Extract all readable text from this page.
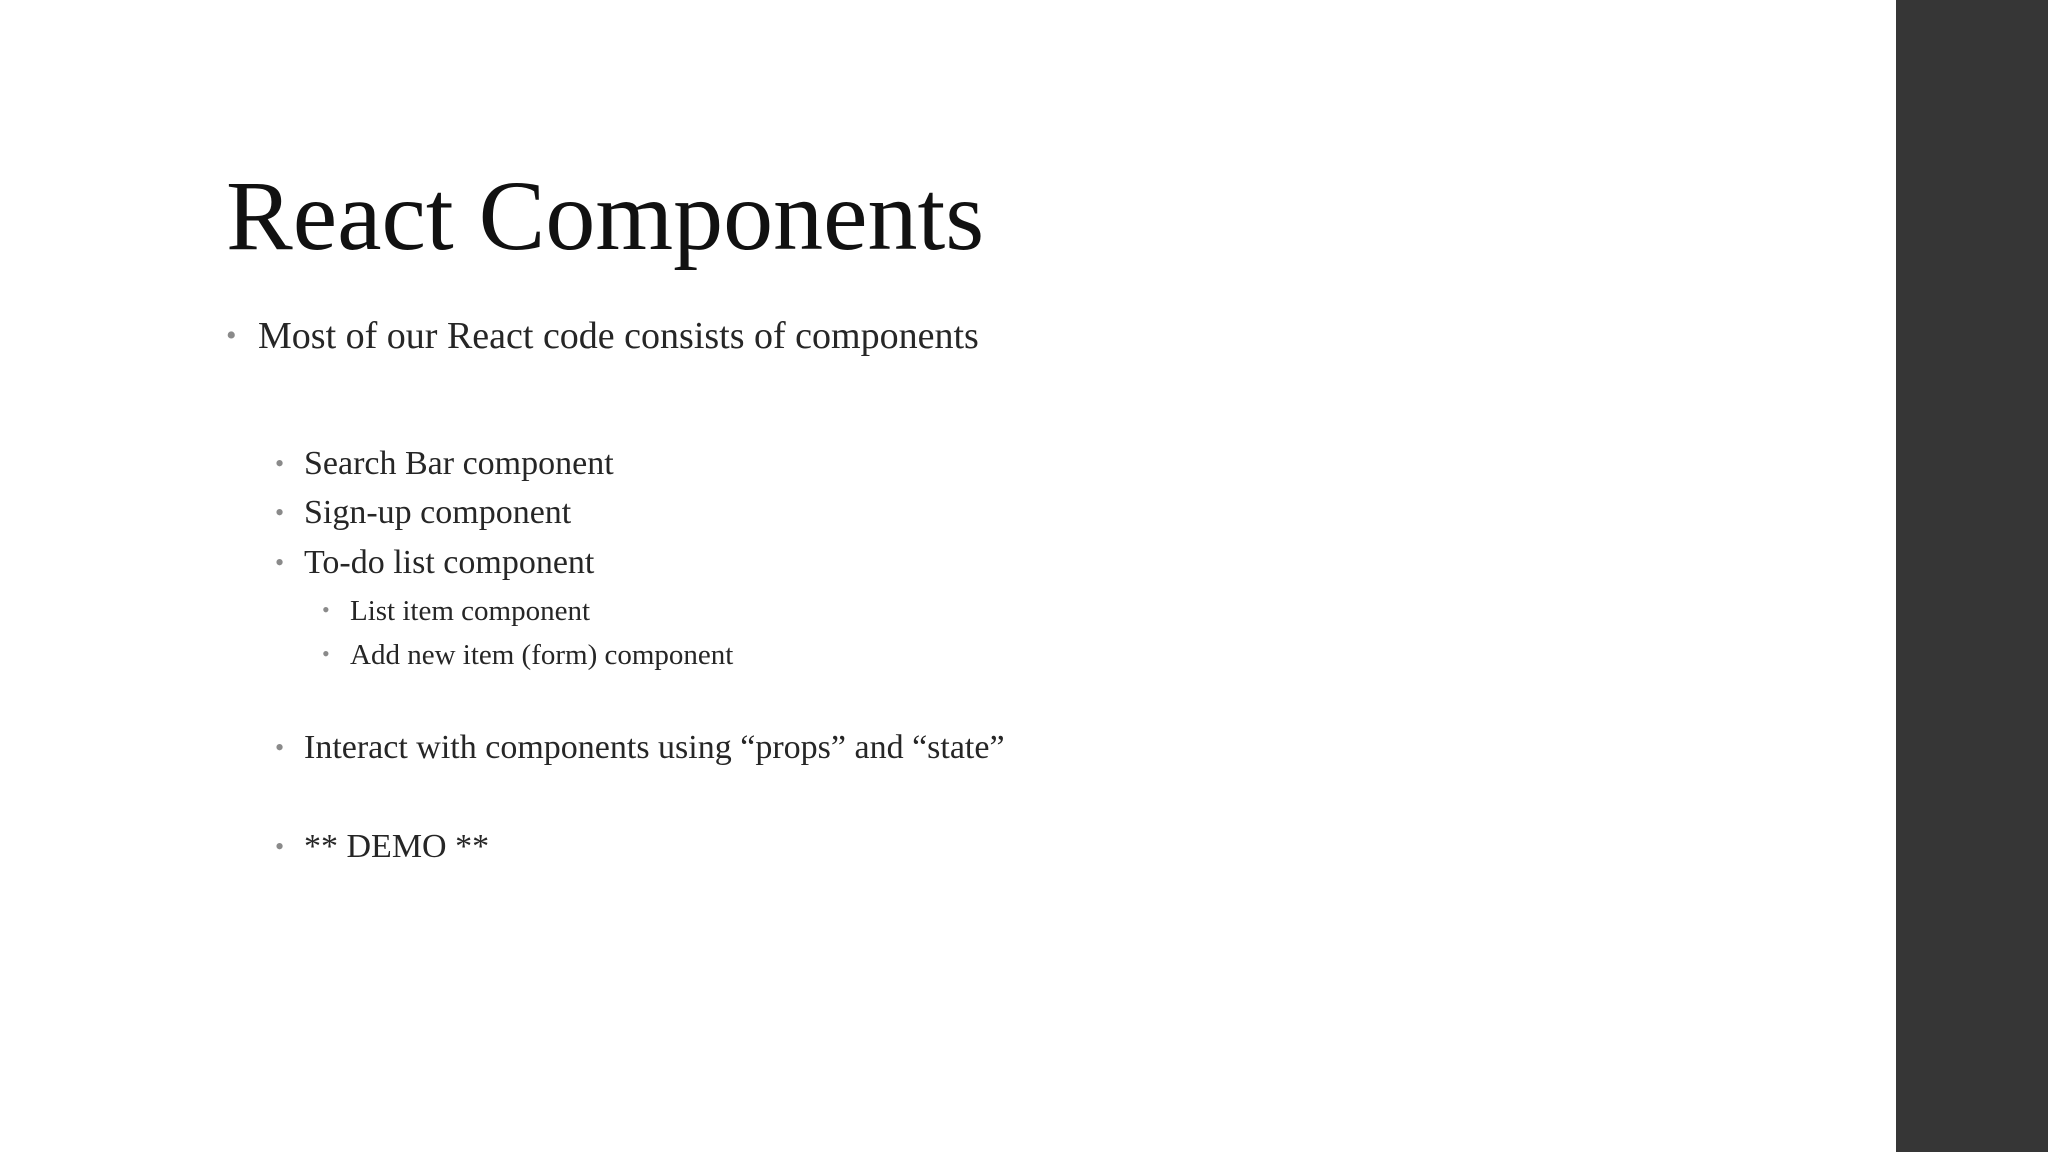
React Components
• Most of our React code consists of components
• Search Bar component
• Sign-up component
• To-do list component
• List item component
• Add new item (form) component
• Interact with components using “props” and “state”
• ** DEMO **
